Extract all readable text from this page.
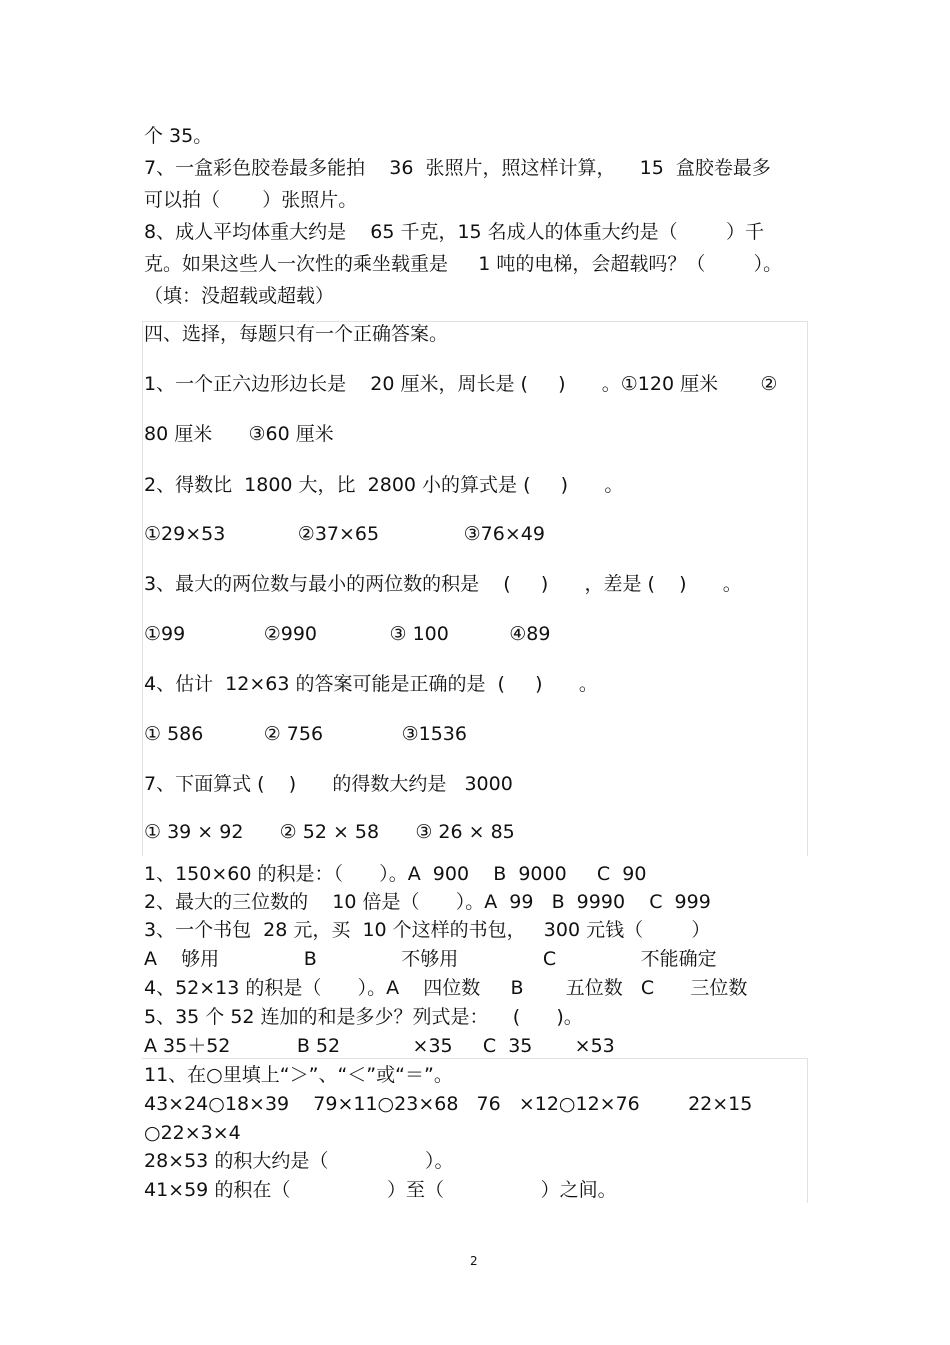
个 35。
7、一盒彩色胶卷最多能拍    36  张照片，照这样计算，    15  盒胶卷最多
可以拍（       ）张照片。
8、成人平均体重大约是    65 千克，15 名成人的体重大约是（        ）千
克。如果这些人一次性的乘坐载重是     1 吨的电梯，会超载吗？（        ）。
（填：没超载或超载）
四、选择，每题只有一个正确答案。
1、一个正六边形边长是    20 厘米，周长是 (     )      。①120 厘米       ②
80 厘米      ③60 厘米
2、得数比  1800 大，比  2800 小的算式是 (     )      。
①29×53            ②37×65              ③76×49
3、最大的两位数与最小的两位数的积是    (     )      ，差是 (    )      。
①99             ②990            ③ 100          ④89
4、估计  12×63 的答案可能是正确的是  (     )      。
① 586          ② 756             ③1536
7、下面算式 (    )      的得数大约是   3000
① 39 × 92      ② 52 × 58      ③ 26 × 85
1、150×60 的积是：（      ）。A  900    B  9000     C  90
2、最大的三位数的    10 倍是（      ）。A  99   B  9990    C  999
3、一个书包  28 元，买  10 个这样的书包，   300 元钱（        ）
A    够用              B              不够用              C              不能确定
4、52×13 的积是（      ）。A    四位数     B       五位数   C      三位数
5、35 个 52 连加的和是多少？列式是：    (      )。
A 35＋52           B 52            ×35     C  35       ×53
11、在○里填上“＞”、“＜”或“＝”。
43×24○18×39    79×11○23×68   76   ×12○12×76        22×15
○22×3×4
28×53 的积大约是（                ）。
41×59 的积在（                ）至（                ）之间。
2
